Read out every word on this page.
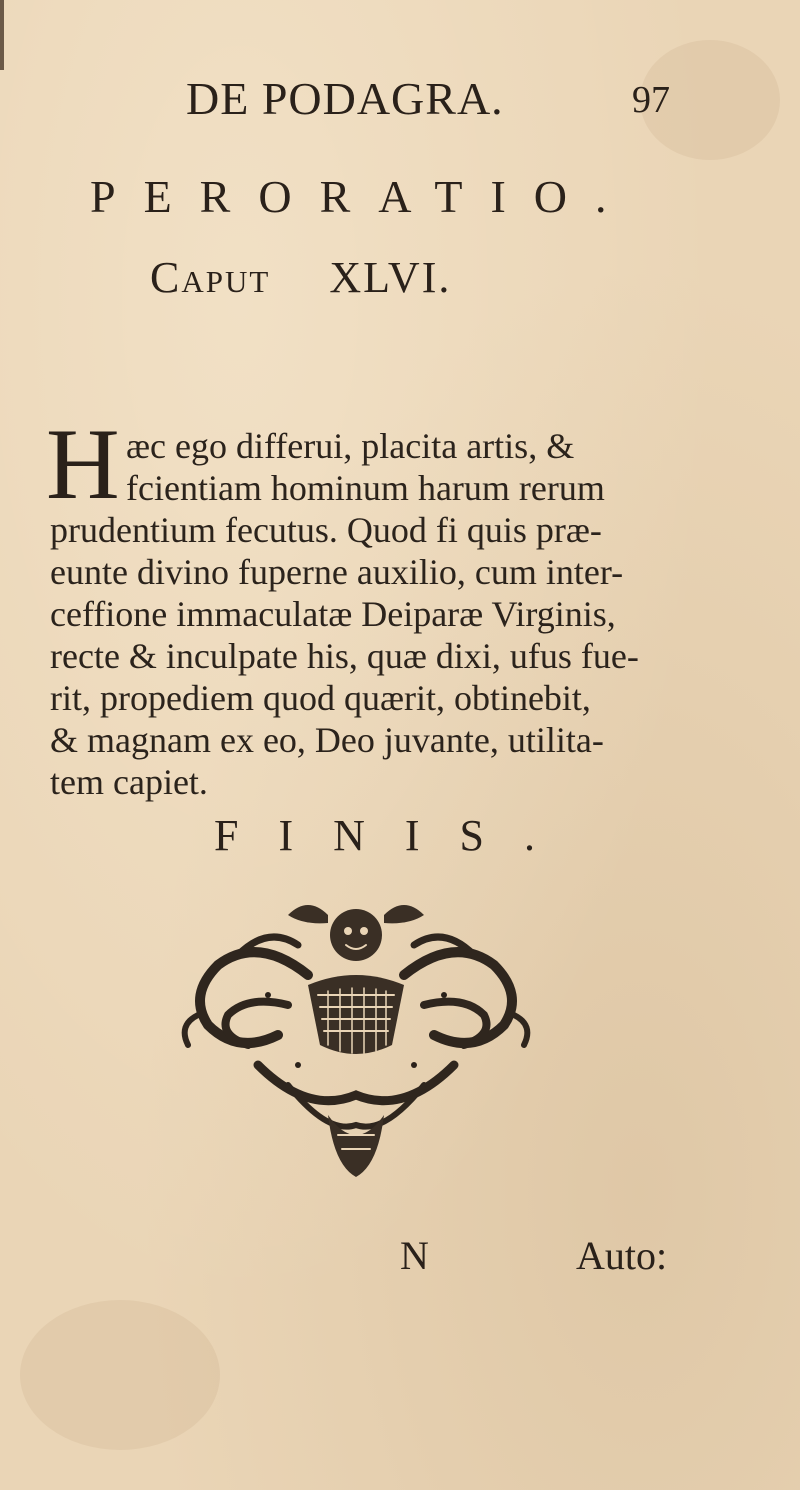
DE PODAGRA.	97
PERORATIO.
Caput XLVI.
H æc ego differui, placita artis, &
fcientiam hominum harum rerum
prudentium fecutus. Quod fi quis præ-
eunte divino fuperne auxilio, cum inter-
ceffione immaculatæ Deiparæ Virginis,
recte & inculpate his, quæ dixi, ufus fue-
rit, propediem quod quærit, obtinebit,
& magnam ex eo, Deo juvante, utilita-
tem capiet.
FINIS.
N	Auto:
